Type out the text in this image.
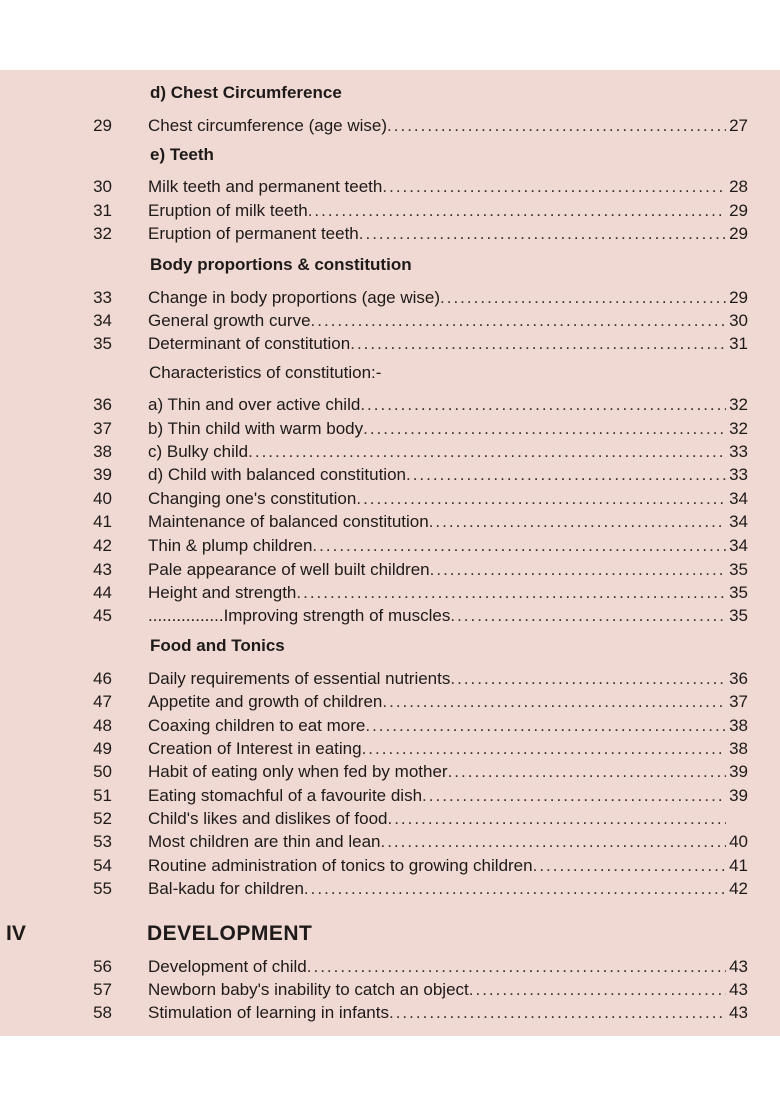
d) Chest Circumference
e) Teeth
Body proportions & constitution
Characteristics of constitution:-
Food and Tonics
IV	DEVELOPMENT
29 Chest circumference (age wise) .....	27
30 Milk teeth and permanent teeth .....	28
31 Eruption of milk teeth .....	29
32 Eruption of permanent teeth .....	29
33 Change in body proportions (age wise) .....	29
34 General growth curve .....	30
35 Determinant of constitution .....	31
36 a) Thin and over active child .....	32
37 b) Thin child with warm body .....	32
38 c) Bulky child .....	33
39 d) Child with balanced constitution .....	33
40 Changing one's constitution .....	34
41 Maintenance of balanced constitution .....	34
42 Thin & plump children .....	34
43 Pale appearance of well built children .....	35
44 Height and strength .....	35
45 ................Improving strength of muscles .....	35
46 Daily requirements of essential nutrients .....	36
47 Appetite and growth of children .....	37
48 Coaxing children to eat more .....	38
49 Creation of Interest in eating .....	38
50 Habit of eating only when fed by mother .....	39
51 Eating stomachful of a favourite dish .....	39
52 Child's likes and dislikes of food
.....
53 Most children are thin and lean .....	40
54 Routine administration of tonics to growing children .....	41
55 Bal-kadu for children .....	42
56 Development of child .....	43
57 Newborn baby's inability to catch an object .....	43
58 Stimulation of learning in infants .....	43
